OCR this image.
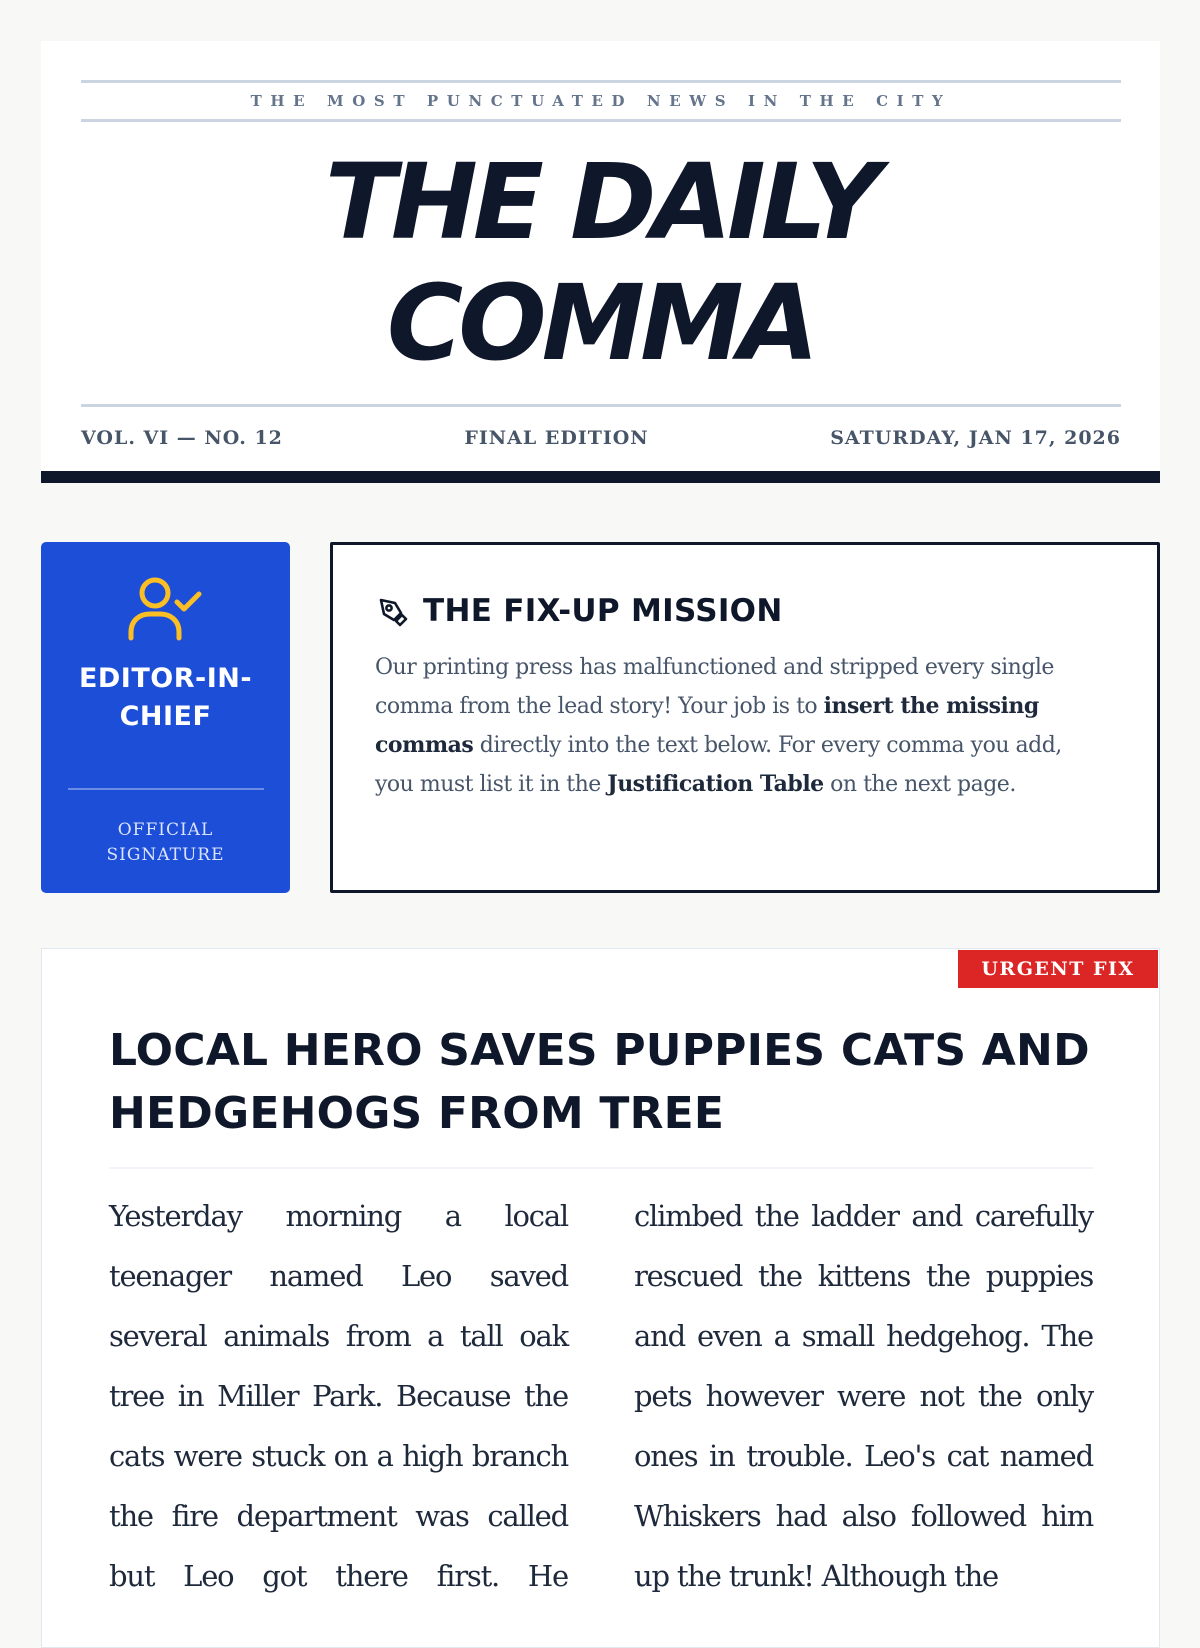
THE MOST PUNCTUATED NEWS IN THE CITY
THE DAILY
COMMA
VOL. VI — NO. 12	FINAL EDITION	SATURDAY, JAN 17, 2026
EDITOR-IN-
CHIEF
OFFICIAL
SIGNATURE
THE FIX-UP MISSION

Our printing press has malfunctioned and stripped every single comma from the lead story! Your job is to insert the missing commas directly into the text below. For every comma you add, you must list it in the Justification Table on the next page.

URGENT FIX
LOCAL HERO SAVES PUPPIES CATS AND HEDGEHOGS FROM TREE

Yesterday morning a local teenager named Leo saved several animals from a tall oak tree in Miller Park. Because the cats were stuck on a high branch the fire department was called but Leo got there first. He climbed the ladder and carefully rescued the kittens the puppies and even a small hedgehog. The pets however were not the only ones in trouble. Leo's cat named Whiskers had also followed him up the trunk! Although the
